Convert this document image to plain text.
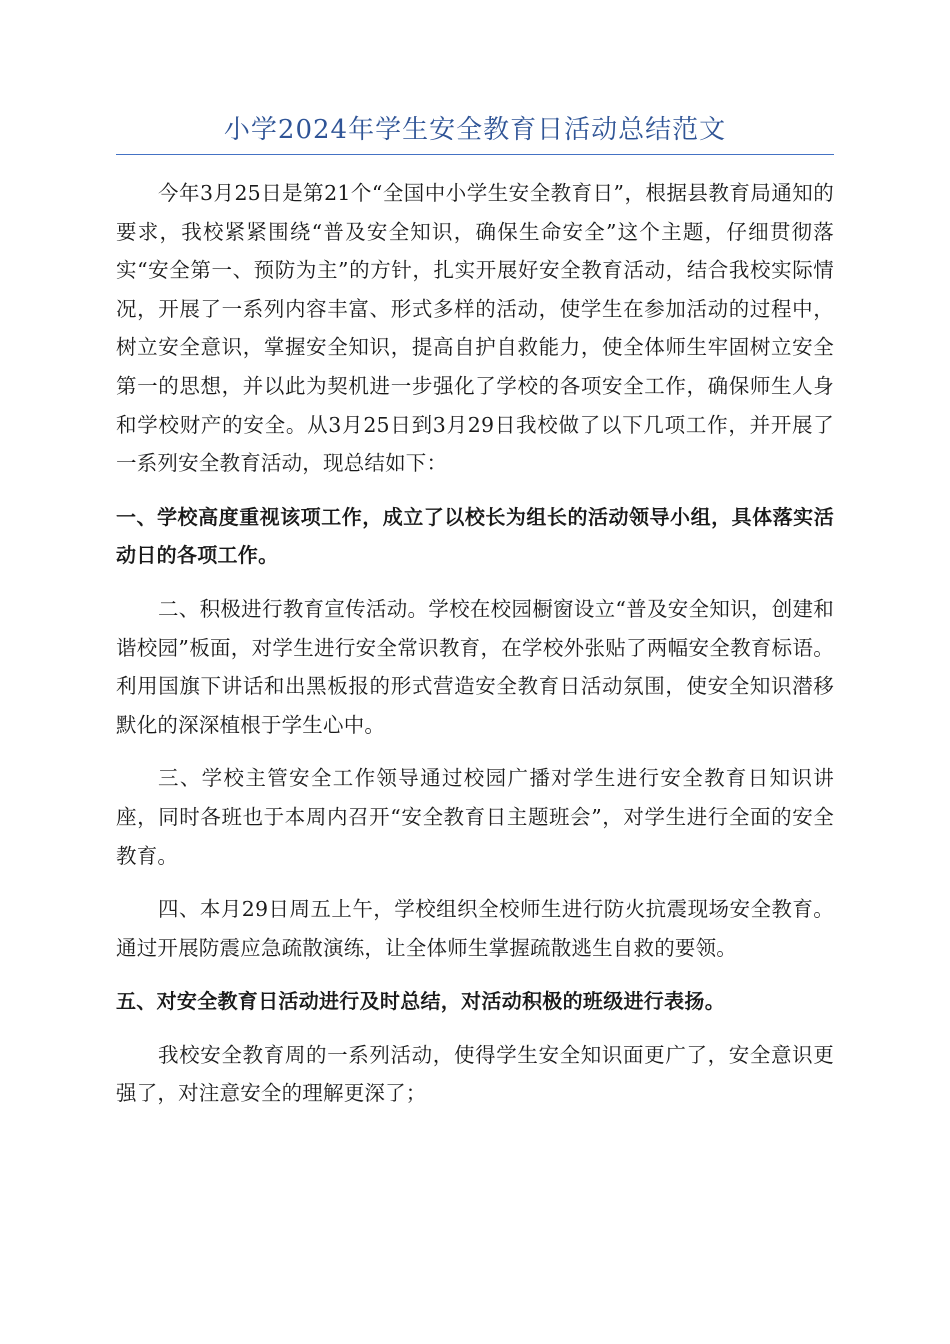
小学2024年学生安全教育日活动总结范文

今年3月25日是第21个“全国中小学生安全教育日”，根据县教育局通知的要求，我校紧紧围绕“普及安全知识，确保生命安全”这个主题，仔细贯彻落实“安全第一、预防为主”的方针，扎实开展好安全教育活动，结合我校实际情况，开展了一系列内容丰富、形式多样的活动，使学生在参加活动的过程中，树立安全意识，掌握安全知识，提高自护自救能力，使全体师生牢固树立安全第一的思想，并以此为契机进一步强化了学校的各项安全工作，确保师生人身和学校财产的安全。从3月25日到3月29日我校做了以下几项工作，并开展了一系列安全教育活动，现总结如下：

一、学校高度重视该项工作，成立了以校长为组长的活动领导小组，具体落实活动日的各项工作。

二、积极进行教育宣传活动。学校在校园橱窗设立“普及安全知识，创建和谐校园”板面，对学生进行安全常识教育，在学校外张贴了两幅安全教育标语。利用国旗下讲话和出黑板报的形式营造安全教育日活动氛围，使安全知识潜移默化的深深植根于学生心中。

三、学校主管安全工作领导通过校园广播对学生进行安全教育日知识讲座，同时各班也于本周内召开“安全教育日主题班会”，对学生进行全面的安全教育。

四、本月29日周五上午，学校组织全校师生进行防火抗震现场安全教育。通过开展防震应急疏散演练，让全体师生掌握疏散逃生自救的要领。

五、对安全教育日活动进行及时总结，对活动积极的班级进行表扬。

我校安全教育周的一系列活动，使得学生安全知识面更广了，安全意识更强了，对注意安全的理解更深了；
